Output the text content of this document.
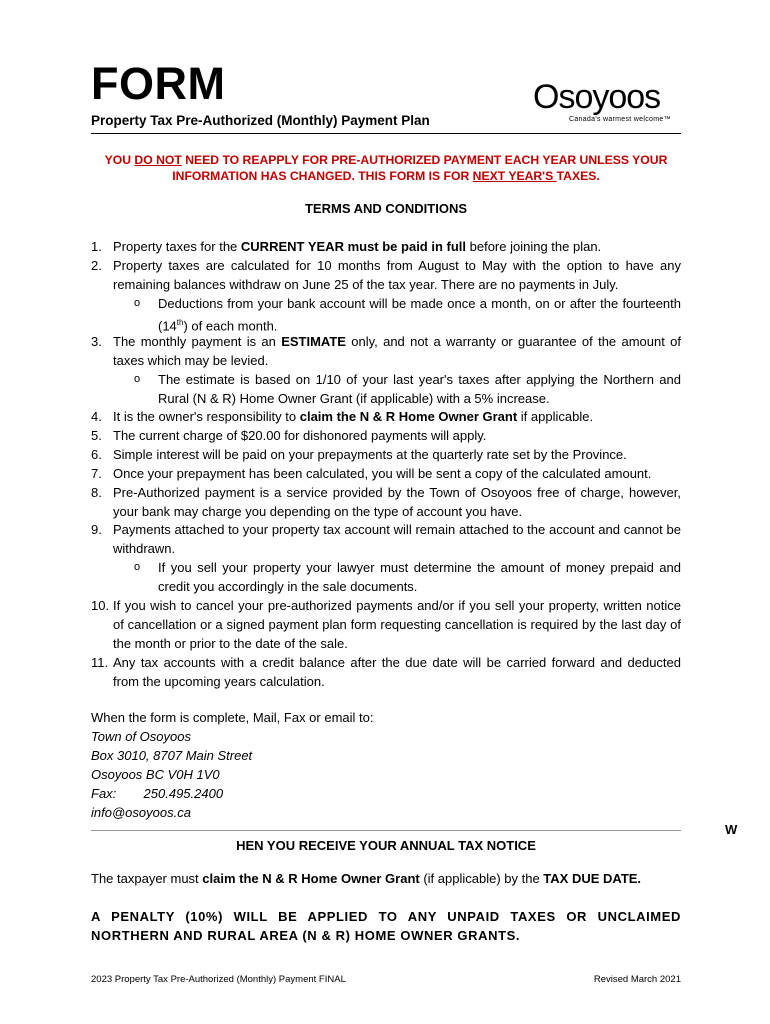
FORM
Property Tax Pre-Authorized (Monthly) Payment Plan
Osoyoos
Canada's warmest welcome™
YOU DO NOT NEED TO REAPPLY FOR PRE-AUTHORIZED PAYMENT EACH YEAR UNLESS YOUR
INFORMATION HAS CHANGED. THIS FORM IS FOR NEXT YEAR'S TAXES.
TERMS AND CONDITIONS
1. Property taxes for the CURRENT YEAR must be paid in full before joining the plan.
2. Property taxes are calculated for 10 months from August to May with the option to have any remaining balances withdraw on June 25 of the tax year. There are no payments in July.
o Deductions from your bank account will be made once a month, on or after the fourteenth (14th) of each month.
3. The monthly payment is an ESTIMATE only, and not a warranty or guarantee of the amount of taxes which may be levied.
o The estimate is based on 1/10 of your last year's taxes after applying the Northern and Rural (N & R) Home Owner Grant (if applicable) with a 5% increase.
4. It is the owner's responsibility to claim the N & R Home Owner Grant if applicable.
5. The current charge of $20.00 for dishonored payments will apply.
6. Simple interest will be paid on your prepayments at the quarterly rate set by the Province.
7. Once your prepayment has been calculated, you will be sent a copy of the calculated amount.
8. Pre-Authorized payment is a service provided by the Town of Osoyoos free of charge, however, your bank may charge you depending on the type of account you have.
9. Payments attached to your property tax account will remain attached to the account and cannot be withdrawn.
o If you sell your property your lawyer must determine the amount of money prepaid and credit you accordingly in the sale documents.
10. If you wish to cancel your pre-authorized payments and/or if you sell your property, written notice of cancellation or a signed payment plan form requesting cancellation is required by the last day of the month or prior to the date of the sale.
11. Any tax accounts with a credit balance after the due date will be carried forward and deducted from the upcoming years calculation.
When the form is complete, Mail, Fax or email to:
Town of Osoyoos
Box 3010, 8707 Main Street
Osoyoos BC V0H 1V0
Fax: 250.495.2400
info@osoyoos.ca
W
HEN YOU RECEIVE YOUR ANNUAL TAX NOTICE
The taxpayer must claim the N & R Home Owner Grant (if applicable) by the TAX DUE DATE.
A PENALTY (10%) WILL BE APPLIED TO ANY UNPAID TAXES OR UNCLAIMED NORTHERN AND RURAL AREA (N & R) HOME OWNER GRANTS.
2023 Property Tax Pre-Authorized (Monthly) Payment FINAL	Revised March 2021
